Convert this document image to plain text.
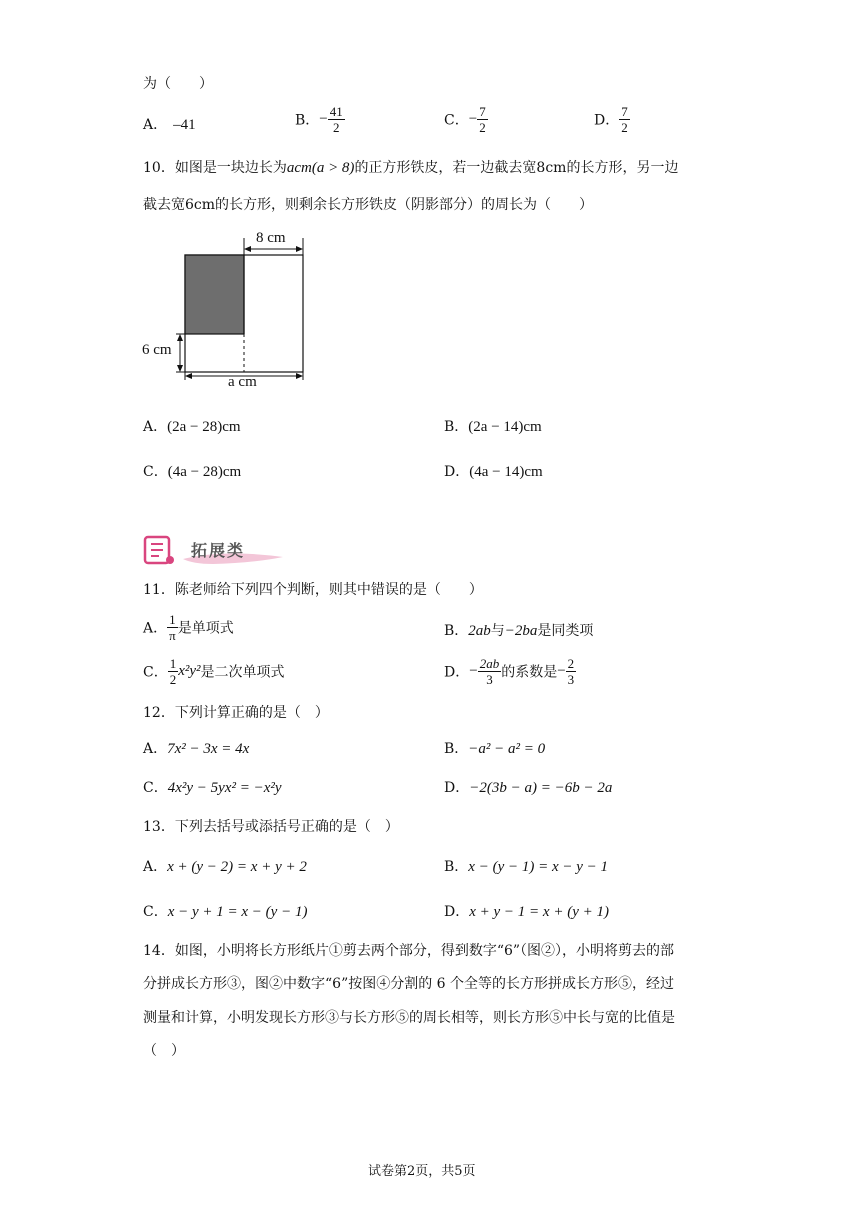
为（　　）
A． –41	B．− $\frac{41}{2}$	C．− $\frac{7}{2}$	D． $\frac{7}{2}$
10．如图是一块边长为acm(a > 8)的正方形铁皮，若一边截去宽8cm的长方形，另一边
截去宽6cm的长方形，则剩余长方形铁皮（阴影部分）的周长为（　　）
8 cm
6 cm
a cm
A．(2a − 28)cm	B．(2a − 14)cm
C．(4a − 28)cm	D．(4a − 14)cm
拓展类
11．陈老师给下列四个判断，则其中错误的是（　　）
A． $\frac{1}{\pi}$ 是单项式	B．2ab与−2ba是同类项
C． $\frac{1}{2} x^2y^2$是二次单项式	D．− $\frac{2ab}{3}$ 的系数是− $\frac{2}{3}$
12．下列计算正确的是（　）
A．7x² − 3x = 4x	B．−a² − a² = 0
C．4x²y − 5yx² = −x²y	D．−2(3b − a) = −6b − 2a
13．下列去括号或添括号正确的是（　）
A．x + (y − 2) = x + y + 2	B．x − (y − 1) = x − y − 1
C．x − y + 1 = x − (y − 1)	D．x + y − 1 = x + (y + 1)
14．如图，小明将长方形纸片①剪去两个部分，得到数字“6”（图②），小明将剪去的部
分拼成长方形③，图②中数字“6”按图④分割的 6 个全等的长方形拼成长方形⑤，经过
测量和计算，小明发现长方形③与长方形⑤的周长相等，则长方形⑤中长与宽的比值是
（　）
试卷第2页，共5页
